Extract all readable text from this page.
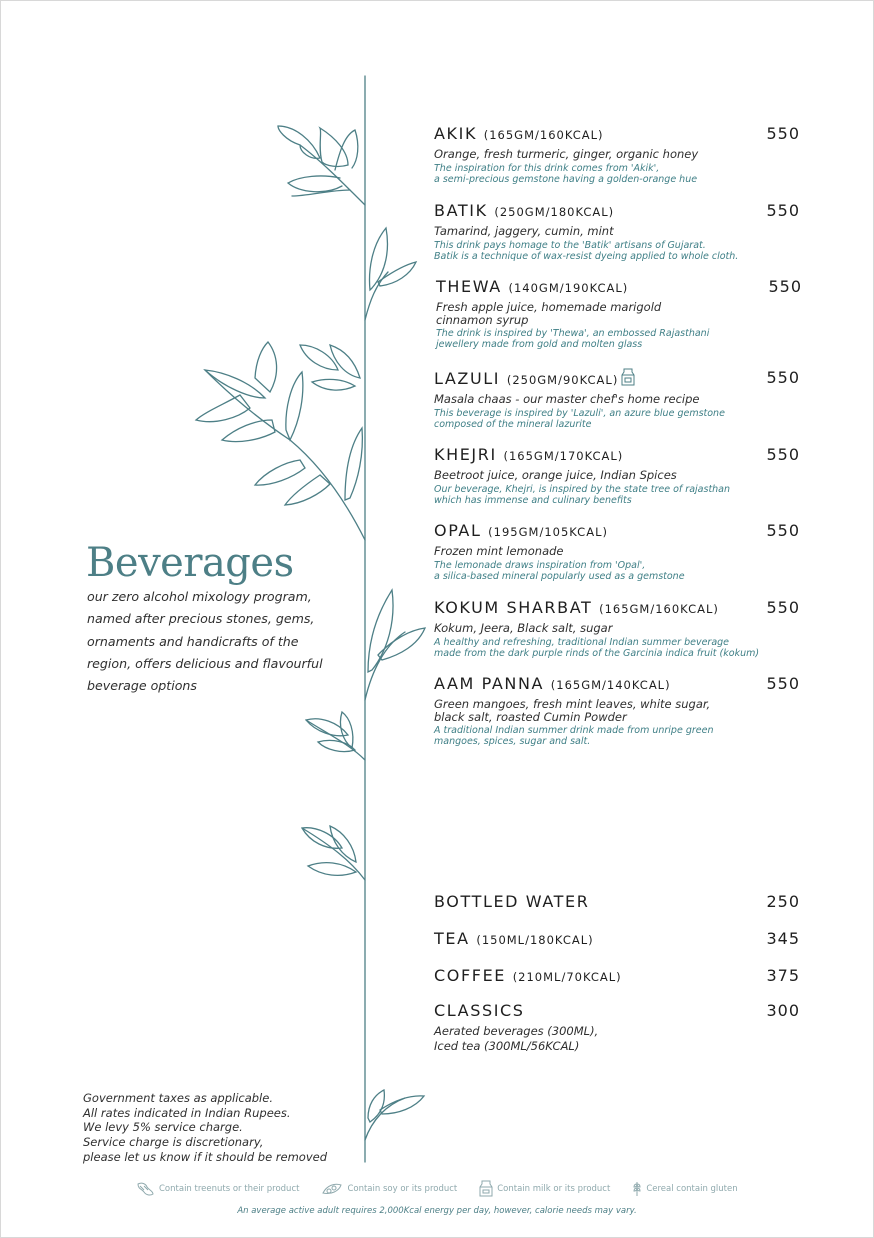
Beverages
our zero alcohol mixology program, named after precious stones, gems, ornaments and handicrafts of the region, offers delicious and flavourful beverage options
AKIK (165GM/160KCAL)	550
Orange, fresh turmeric, ginger, organic honey
The inspiration for this drink comes from 'Akik',
a semi-precious gemstone having a golden-orange hue
BATIK (250GM/180KCAL)	550
Tamarind, jaggery, cumin, mint
This drink pays homage to the 'Batik' artisans of Gujarat.
Batik is a technique of wax-resist dyeing applied to whole cloth.
THEWA (140GM/190KCAL)	550
Fresh apple juice, homemade marigold
cinnamon syrup
The drink is inspired by 'Thewa', an embossed Rajasthani
jewellery made from gold and molten glass
LAZULI (250GM/90KCAL)	550
Masala chaas - our master chef's home recipe
This beverage is inspired by 'Lazuli', an azure blue gemstone
composed of the mineral lazurite
KHEJRI (165GM/170KCAL)	550
Beetroot juice, orange juice, Indian Spices
Our beverage, Khejri, is inspired by the state tree of rajasthan
which has immense and culinary benefits
OPAL (195GM/105KCAL)	550
Frozen mint lemonade
The lemonade draws inspiration from 'Opal',
a silica-based mineral popularly used as a gemstone
KOKUM SHARBAT (165GM/160KCAL)	550
Kokum, Jeera, Black salt, sugar
A healthy and refreshing, traditional Indian summer beverage
made from the dark purple rinds of the Garcinia indica fruit (kokum)
AAM PANNA (165GM/140KCAL)	550
Green mangoes, fresh mint leaves, white sugar,
black salt, roasted Cumin Powder
A traditional Indian summer drink made from unripe green
mangoes, spices, sugar and salt.
BOTTLED WATER	250
TEA (150ML/180KCAL)	345
COFFEE (210ML/70KCAL)	375
CLASSICS	300
Aerated beverages (300ML),
Iced tea (300ML/56KCAL)
Government taxes as applicable.
All rates indicated in Indian Rupees.
We levy 5% service charge.
Service charge is discretionary,
please let us know if it should be removed
Contain treenuts or their product	Contain soy or its product	Contain milk or its product	Cereal contain gluten
An average active adult requires 2,000Kcal energy per day, however, calorie needs may vary.
